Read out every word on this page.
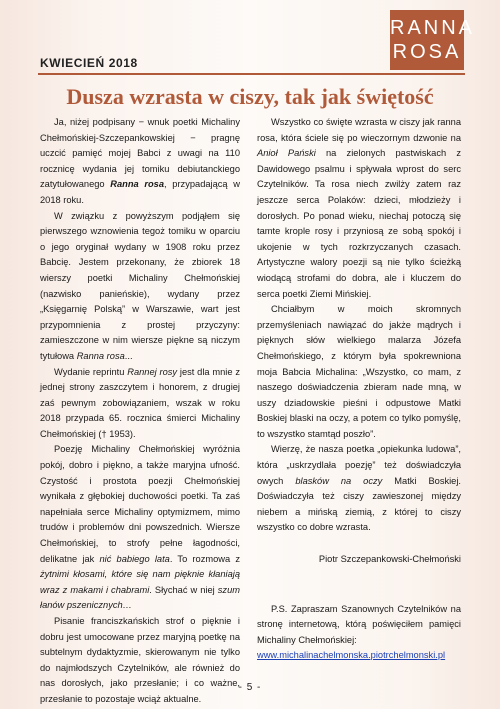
KWIECIEŃ 2018
RANNA
ROSA
Dusza wzrasta w ciszy, tak jak świętość

Ja, niżej podpisany − wnuk poetki Michaliny Chełmońskiej-Szczepankowskiej − pragnę uczcić pamięć mojej Babci z uwagi na 110 rocznicę wydania jej tomiku debiutanckiego zatytułowanego Ranna rosa, przypadającą w 2018 roku.

W związku z powyższym podjąłem się pierwszego wznowienia tegoż tomiku w oparciu o jego oryginał wydany w 1908 roku przez Babcię. Jestem przekonany, że zbiorek 18 wierszy poetki Michaliny Chełmońskiej (nazwisko panieńskie), wydany przez „Księgarnię Polską” w Warszawie, wart jest przypomnienia z prostej przyczyny: zamieszczone w nim wiersze piękne są niczym tytułowa Ranna rosa...

Wydanie reprintu Rannej rosy jest dla mnie z jednej strony zaszczytem i honorem, z drugiej zaś pewnym zobowiązaniem, wszak w roku 2018 przypada 65. rocznica śmierci Michaliny Chełmońskiej († 1953).

Poezję Michaliny Chełmońskiej wyróżnia pokój, dobro i piękno, a także maryjna ufność. Czystość i prostota poezji Chełmońskiej wynikała z głębokiej duchowości poetki. Ta zaś napełniała serce Michaliny optymizmem, mimo trudów i problemów dni powszednich. Wiersze Chełmońskiej, to strofy pełne łagodności, delikatne jak nić babiego lata. To rozmowa z żytnimi kłosami, które się nam pięknie kłaniają wraz z makami i chabrami. Słychać w niej szum łanów pszenicznych…

Pisanie franciszkańskich strof o pięknie i dobru jest umocowane przez maryjną poetkę na subtelnym dydaktyzmie, skierowanym nie tylko do najmłodszych Czytelników, ale również do nas dorosłych, jako przesłanie; i co ważne, przesłanie to pozostaje wciąż aktualne.

Wszystko co święte wzrasta w ciszy jak ranna rosa, która ściele się po wieczornym dzwonie na Anioł Pański na zielonych pastwiskach z Dawidowego psalmu i spływała wprost do serc Czytelników. Ta rosa niech zwilży zatem raz jeszcze serca Polaków: dzieci, młodzieży i dorosłych. Po ponad wieku, niechaj potoczą się tamte krople rosy i przyniosą ze sobą spokój i ukojenie w tych rozkrzyczanych czasach. Artystyczne walory poezji są nie tylko ścieżką wiodącą strofami do dobra, ale i kluczem do serca poetki Ziemi Mińskiej.

Chciałbym w moich skromnych przemyśleniach nawiązać do jakże mądrych i pięknych słów wielkiego malarza Józefa Chełmońskiego, z którym była spokrewniona moja Babcia Michalina: „Wszystko, co mam, z naszego doświadczenia zbieram nade mną, w uszy dziadowskie pieśni i odpustowe Matki Boskiej blaski na oczy, a potem co tylko pomyślę, to wszystko stamtąd poszło”.

Wierzę, że nasza poetka „opiekunka ludowa”, która „uskrzydlała poezję” też doświadczyła owych blasków na oczy Matki Boskiej. Doświadczyła też ciszy zawieszonej między niebem a mińską ziemią, z której to ciszy wszystko co dobre wzrasta.

Piotr Szczepankowski-Chełmoński

P.S. Zapraszam Szanownych Czytelników na stronę internetową, którą poświęciłem pamięci Michaliny Chełmońskiej:

www.michalinachelmonska.piotrchelmonski.pl

- 5 -
